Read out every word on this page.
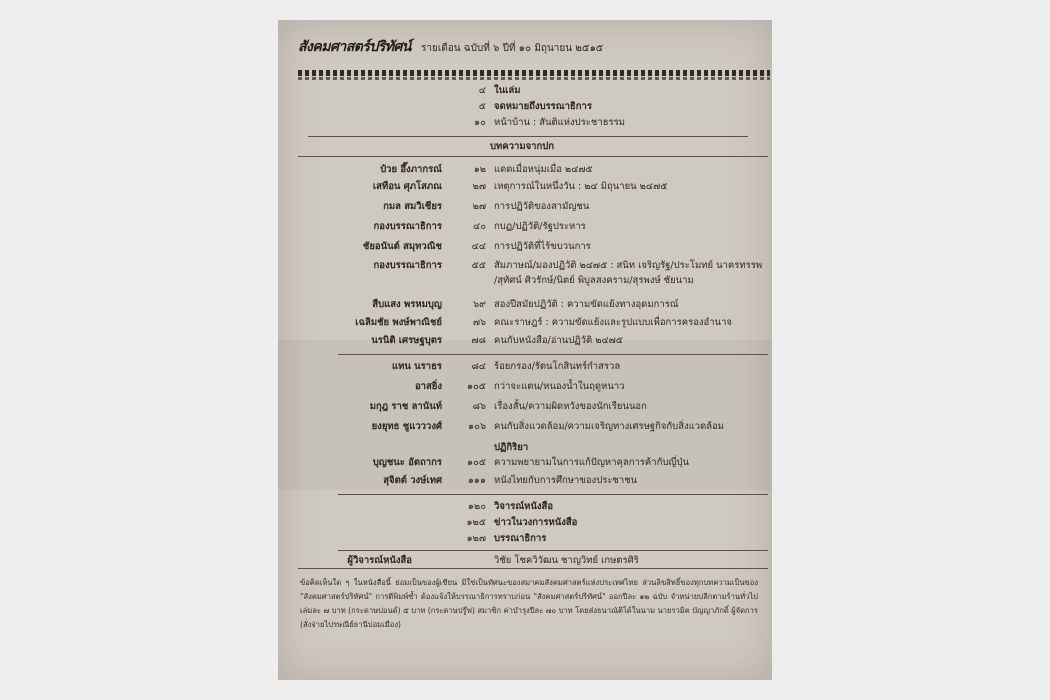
สังคมศาสตร์ปริทัศน์ รายเดือน ฉบับที่ ๖ ปีที่ ๑๐ มิถุนายน ๒๕๑๕
๔ ในเล่ม
๕ จดหมายถึงบรรณาธิการ
๑๐ หน้าบ้าน : สันติแห่งประชาธรรม
บทความจากปก
ป๋วย อึ๊งภากรณ์	๑๒ แดดเมื่อหนุ่มเมื่อ ๒๔๗๕
เสทือน ศุภโสภณ	๒๗ เหตุการณ์ในหนึ่งวัน : ๒๔ มิถุนายน ๒๔๗๕
กมล สมวิเชียร	๒๗ การปฏิวัติของสามัญชน
กองบรรณาธิการ	๔๐ กบฏ/ปฏิวัติ/รัฐประหาร
ชัยอนันต์ สมุทวณิช	๔๔ การปฏิวัติที่ไร้ขบวนการ
กองบรรณาธิการ	๕๕ สัมภาษณ์/มองปฏิวัติ ๒๔๗๕ : สนิท เจริญรัฐ/ประโมทย์ นาครทรรพ /สุทัศน์ ศิวรักษ์/นิตย์ พิบูลสงคราม/สุรพงษ์ ชัยนาม
สืบแสง พรหมบุญ	๖๙ สองปีสมัยปฏิวัติ : ความขัดแย้งทางอุดมการณ์
เฉลิมชัย พงษ์พาณิชย์	๗๖ คณะราษฎร์ : ความขัดแย้งและรูปแบบเพื่อการครองอำนาจ
นรนิติ เศรษฐบุตร	๗๘ คนกับหนังสือ/อ่านปฏิวัติ ๒๔๗๕
แทน นราธร	๘๔ ร้อยกรอง/รัตนโกสินทร์กำสรวล
อาสยิ่ง	๑๐๕ กว่าจะแตน/หนองน้ำในฤดูหนาว
มกุฎ ราช ลานันท์	๘๖ เรื่องสั้น/ความผิดหวังของนักเรียนนอก
ยงยุทธ ชูแวววงศ์	๑๐๖ คนกับสิ่งแวดล้อม/ความเจริญทางเศรษฐกิจกับสิ่งแวดล้อม
ปฏิกิริยา
บุญชนะ อัตถากร	๑๐๕ ความพยายามในการแก้ปัญหาคุลการค้ากับญี่ปุ่น
สุจิตต์ วงษ์เทศ	๑๑๑ หนังไทยกับการศึกษาของประชาชน
๑๒๐ วิจารณ์หนังสือ
๑๒๕ ข่าวในวงการหนังสือ
๑๒๗ บรรณาธิการ
ผู้วิจารณ์หนังสือ	วิชัย โชควิวัฒน ชาญวิทย์ เกษตรศิริ
ข้อคิดเห็นใด ๆ ในหนังสือนี้ ย่อมเป็นของผู้เขียน มิใช่เป็นทัศนะของสมาคมสังคมศาสตร์แห่งประเทศไทย ส่วนลิขสิทธิ์ของทุกบทความเป็นของ "สังคมศาสตร์ปริทัศน์" การตีพิมพ์ซ้ำ ต้องแจ้งให้บรรณาธิการทราบก่อน "สังคมศาสตร์ปริทัศน์" ออกปีละ ๑๒ ฉบับ จำหน่ายปลีกตามร้านทั่วไป เล่มละ ๗ บาท (กระดาษปอนด์) ๕ บาท (กระดาษปรู๊ฟ) สมาชิก ค่าบำรุงปีละ ๗๐ บาท โดยส่งธนาณัติได้ในนาม นายรวมิต บัญญาภักดิ์ ผู้จัดการ (สั่งจ่ายไปรษณีย์ธานีบ่อมเมือง)
